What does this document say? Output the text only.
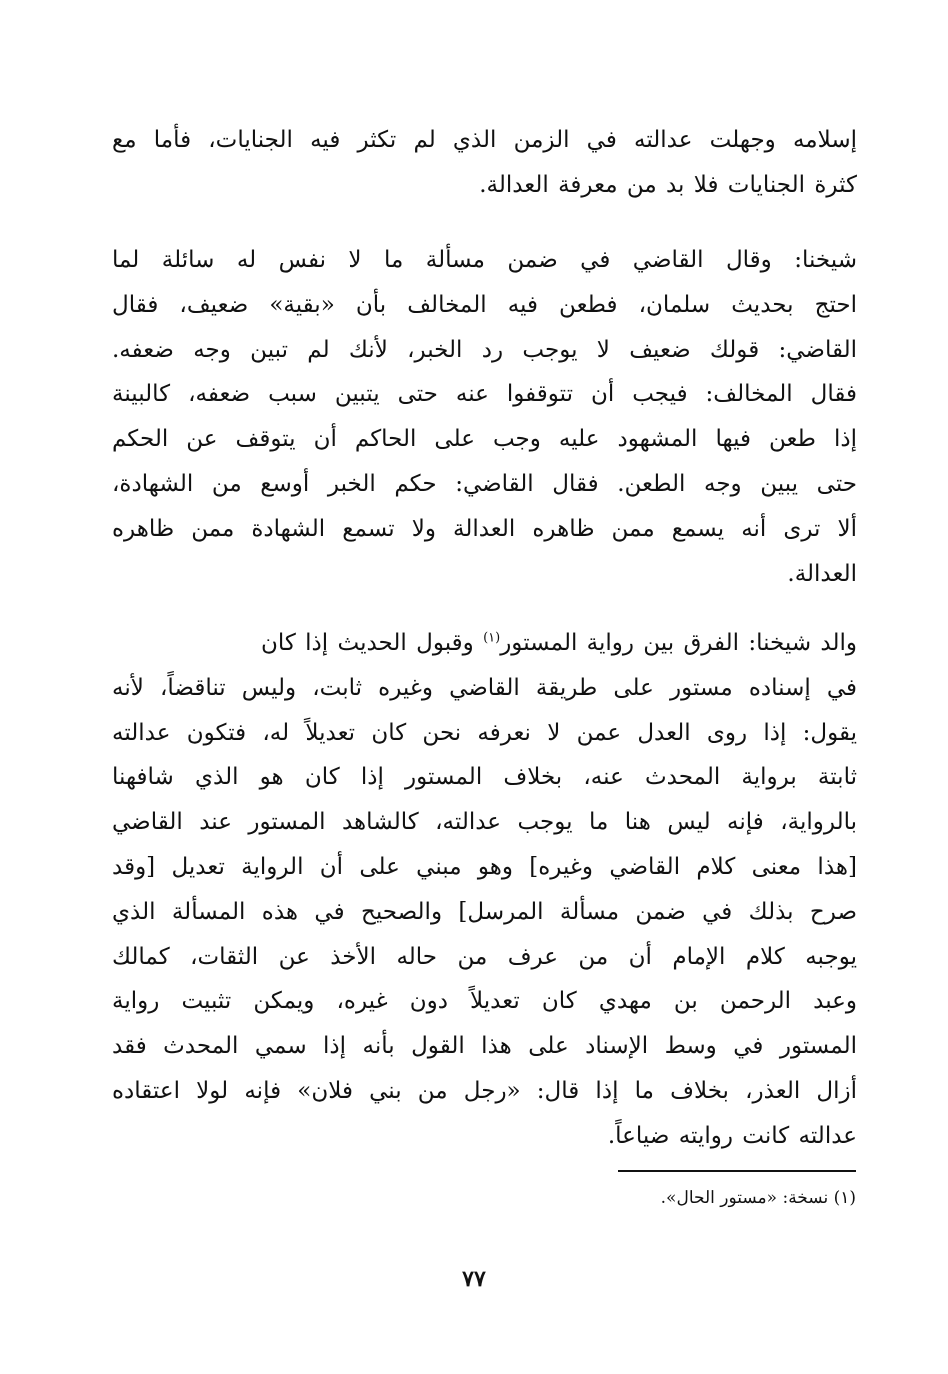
إسلامه وجهلت عدالته في الزمن الذي لم تكثر فيه الجنايات، فأما مع
كثرة الجنايات فلا بد من معرفة العدالة.
شيخنا: وقال القاضي في ضمن مسألة ما لا نفس له سائلة لما
احتج بحديث سلمان، فطعن فيه المخالف بأن «بقية» ضعيف، فقال
القاضي: قولك ضعيف لا يوجب رد الخبر، لأنك لم تبين وجه ضعفه.
فقال المخالف: فيجب أن تتوقفوا عنه حتى يتبين سبب ضعفه، كالبينة
إذا طعن فيها المشهود عليه وجب على الحاكم أن يتوقف عن الحكم
حتى يبين وجه الطعن. فقال القاضي: حكم الخبر أوسع من الشهادة،
ألا ترى أنه يسمع ممن ظاهره العدالة ولا تسمع الشهادة ممن ظاهره
العدالة.
والد شيخنا: الفرق بين رواية المستور$^{(١)}$ وقبول الحديث إذا كان
في إسناده مستور على طريقة القاضي وغيره ثابت، وليس تناقضاً، لأنه
يقول: إذا روى العدل عمن لا نعرفه نحن كان تعديلاً له، فتكون عدالته
ثابتة برواية المحدث عنه، بخلاف المستور إذا كان هو الذي شافهنا
بالرواية، فإنه ليس هنا ما يوجب عدالته، كالشاهد المستور عند القاضي
[هذا معنى كلام القاضي وغيره] وهو مبني على أن الرواية تعديل [وقد
صرح بذلك في ضمن مسألة المرسل] والصحيح في هذه المسألة الذي
يوجبه كلام الإمام أن من عرف من حاله الأخذ عن الثقات، كمالك
وعبد الرحمن بن مهدي كان تعديلاً دون غيره، ويمكن تثبيت رواية
المستور في وسط الإسناد على هذا القول بأنه إذا سمي المحدث فقد
أزال العذر، بخلاف ما إذا قال: «رجل من بني فلان» فإنه لولا اعتقاده
عدالته كانت روايته ضياعاً.
(١) نسخة: «مستور الحال».
٧٧
